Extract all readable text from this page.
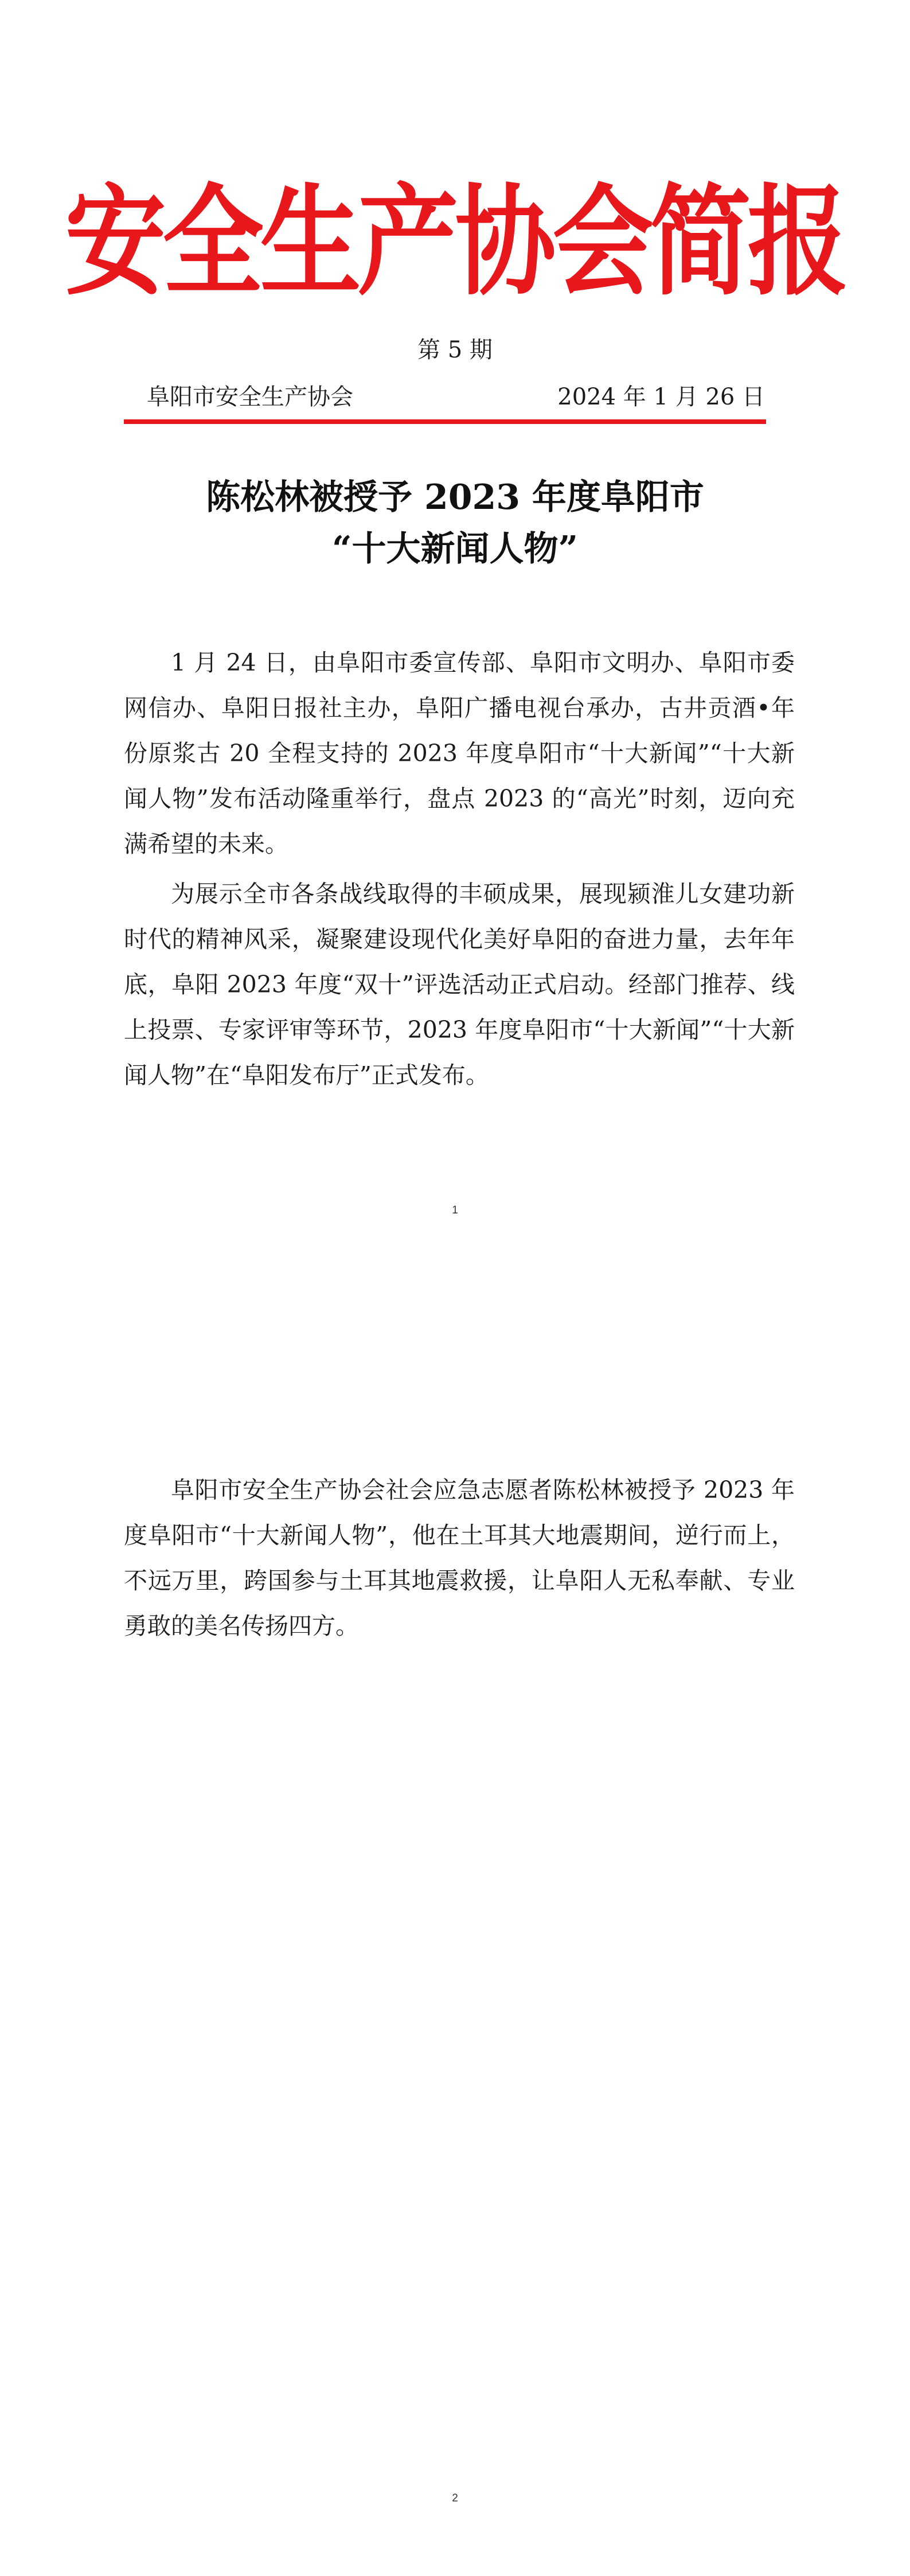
安全生产协会简报
第 5 期
阜阳市安全生产协会	2024 年 1 月 26 日
陈松林被授予 2023 年度阜阳市
“十大新闻人物”

1 月 24 日，由阜阳市委宣传部、阜阳市文明办、阜阳市委网信办、阜阳日报社主办，阜阳广播电视台承办，古井贡酒•年份原浆古 20 全程支持的 2023 年度阜阳市“十大新闻”“十大新闻人物”发布活动隆重举行，盘点 2023 的“高光”时刻，迈向充满希望的未来。

为展示全市各条战线取得的丰硕成果，展现颍淮儿女建功新时代的精神风采，凝聚建设现代化美好阜阳的奋进力量，去年年底，阜阳 2023 年度“双十”评选活动正式启动。经部门推荐、线上投票、专家评审等环节，2023 年度阜阳市“十大新闻”“十大新闻人物”在“阜阳发布厅”正式发布。

1
2

阜阳市安全生产协会社会应急志愿者陈松林被授予 2023 年度阜阳市“十大新闻人物”，他在土耳其大地震期间，逆行而上，不远万里，跨国参与土耳其地震救援，让阜阳人无私奉献、专业勇敢的美名传扬四方。
